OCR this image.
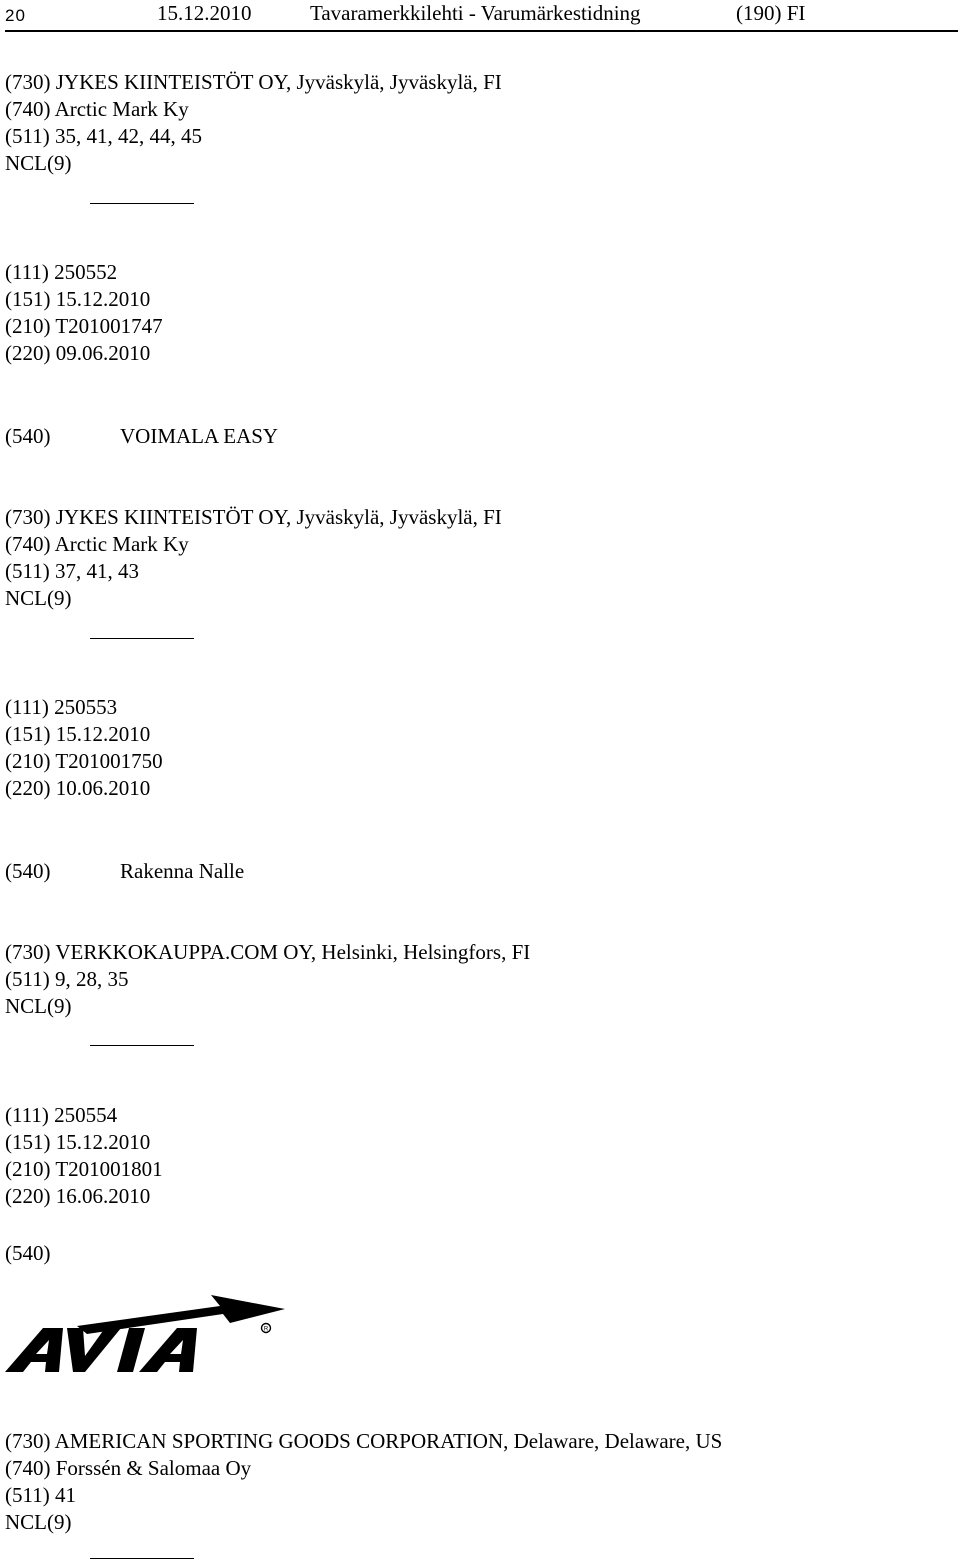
20	15.12.2010	Tavaramerkkilehti - Varumärkestidning	(190) FI
(730) JYKES KIINTEISTÖT OY, Jyväskylä, Jyväskylä, FI
(740) Arctic Mark Ky
(511) 35, 41, 42, 44, 45
NCL(9)
(111) 250552
(151) 15.12.2010
(210) T201001747
(220) 09.06.2010
(540)	VOIMALA EASY
(730) JYKES KIINTEISTÖT OY, Jyväskylä, Jyväskylä, FI
(740) Arctic Mark Ky
(511) 37, 41, 43
NCL(9)
(111) 250553
(151) 15.12.2010
(210) T201001750
(220) 10.06.2010
(540)	Rakenna Nalle
(730) VERKKOKAUPPA.COM OY, Helsinki, Helsingfors, FI
(511) 9, 28, 35
NCL(9)
(111) 250554
(151) 15.12.2010
(210) T201001801
(220) 16.06.2010
(540)
R
(730) AMERICAN SPORTING GOODS CORPORATION, Delaware, Delaware, US
(740) Forssén & Salomaa Oy
(511) 41
NCL(9)
